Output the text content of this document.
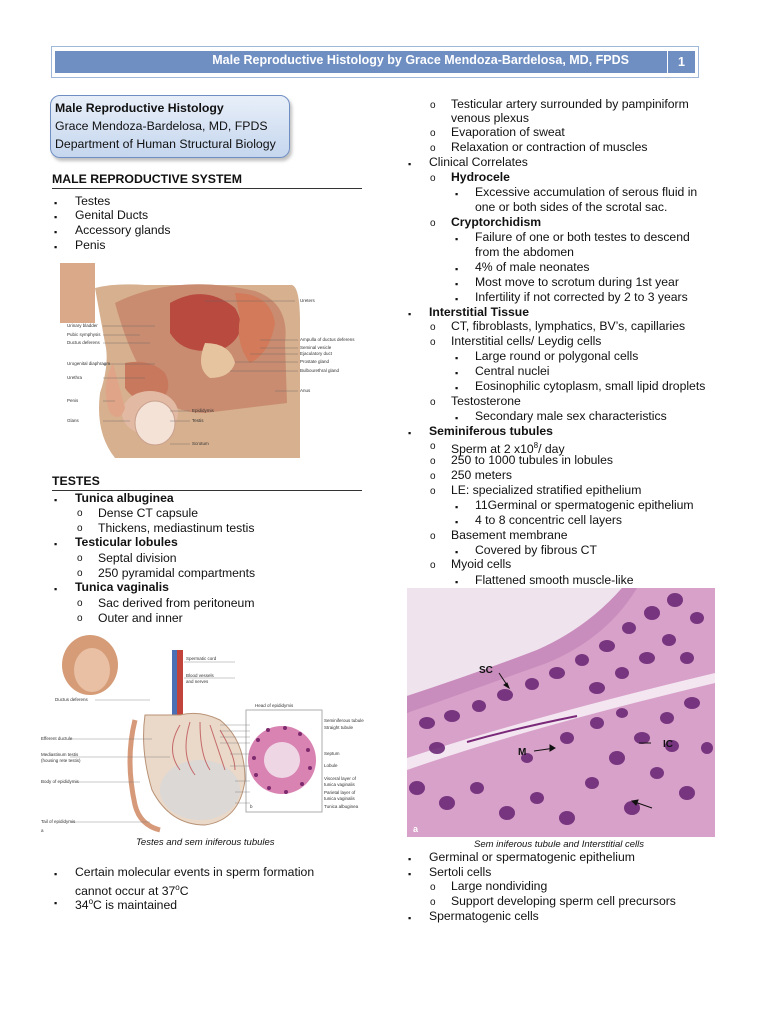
Male Reproductive Histology by Grace Mendoza-Bardelosa, MD, FPDS	1
Male Reproductive Histology
Grace Mendoza-Bardelosa, MD, FPDS
Department of Human Structural Biology
MALE REPRODUCTIVE SYSTEM
▪ Testes
▪ Genital Ducts
▪ Accessory glands
▪ Penis
Urinary bladder
Pubic symphysis
Ductus deferens
Urogenital diaphragm
Urethra
Penis
Glans
Ureters
Ampulla of ductus deferens
Seminal vesicle
Ejaculatory duct
Prostate gland
Bulbourethral gland
Anus
Epididymis
Testis
Scrotum
TESTES
▪ Tunica albuginea
o Dense CT capsule
o Thickens, mediastinum testis
▪ Testicular lobules
o Septal division
o 250 pyramidal compartments
▪ Tunica vaginalis
o Sac derived from peritoneum
o Outer and inner
Spermatic cord
Blood vessels
and nerves
Ductus deferens
Head of epididymis
Efferent ductule
Mediastinum testis
(housing rete testis)
Body of epididymis
Tail of epididymis
Seminiferous tubule
Straight tubule
Septum
Lobule
Visceral layer of
tunica vaginalis
Parietal layer of
tunica vaginalis
Tunica albuginea
a
b
Testes and sem iniferous tubules
▪ Certain molecular events in sperm formation
cannot occur at 37$^o$C
▪ 34$^o$C is maintained
o Testicular artery surrounded by pampiniform
venous plexus
o Evaporation of sweat
o Relaxation or contraction of muscles
▪ Clinical Correlates
o Hydrocele
▪ Excessive accumulation of serous fluid in
one or both sides of the scrotal sac.
o Cryptorchidism
▪ Failure of one or both testes to descend
from the abdomen
▪ 4% of male neonates
▪ Most move to scrotum during 1st year
▪ Infertility if not corrected by 2 to 3 years
▪ Interstitial Tissue
o CT, fibroblasts, lymphatics, BV’s, capillaries
o Interstitial cells/ Leydig cells
▪ Large round or polygonal cells
▪ Central nuclei
▪ Eosinophilic cytoplasm, small lipid droplets
o Testosterone
▪ Secondary male sex characteristics
▪ Seminiferous tubules
o Sperm at 2 $x10^8/$ day
o 250 to 1000 tubules in lobules
o 250 meters
o LE: specialized stratified epithelium
▪ 11Germinal or spermatogenic epithelium
▪ 4 to 8 concentric cell layers
o Basement membrane
▪ Covered by fibrous CT
o Myoid cells
▪ Flattened smooth muscle-like
SC
M
IC
a
Sem iniferous tubule and Interstitial cells
▪ Germinal or spermatogenic epithelium
▪ Sertoli cells
o Large nondividing
o Support developing sperm cell precursors
▪ Spermatogenic cells
